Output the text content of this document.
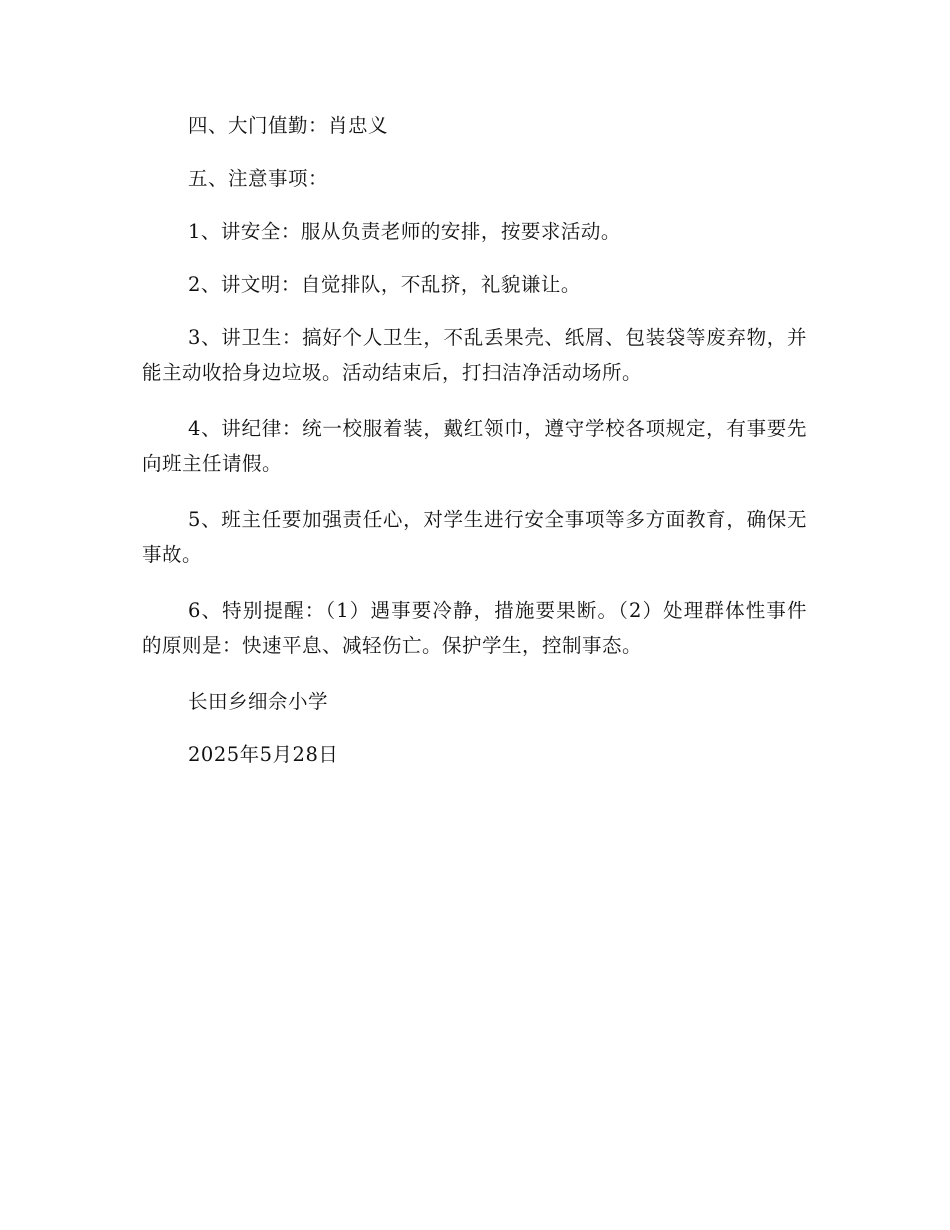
四、大门值勤：肖忠义

五、注意事项：

1、讲安全：服从负责老师的安排，按要求活动。

2、讲文明：自觉排队，不乱挤，礼貌谦让。

3、讲卫生：搞好个人卫生，不乱丢果壳、纸屑、包装袋等废弃物，并能主动收拾身边垃圾。活动结束后，打扫洁净活动场所。

4、讲纪律：统一校服着装，戴红领巾，遵守学校各项规定，有事要先向班主任请假。

5、班主任要加强责任心，对学生进行安全事项等多方面教育，确保无事故。

6、特别提醒：（1）遇事要冷静，措施要果断。（2）处理群体性事件的原则是：快速平息、减轻伤亡。保护学生，控制事态。

长田乡细佘小学

2025年5月28日
